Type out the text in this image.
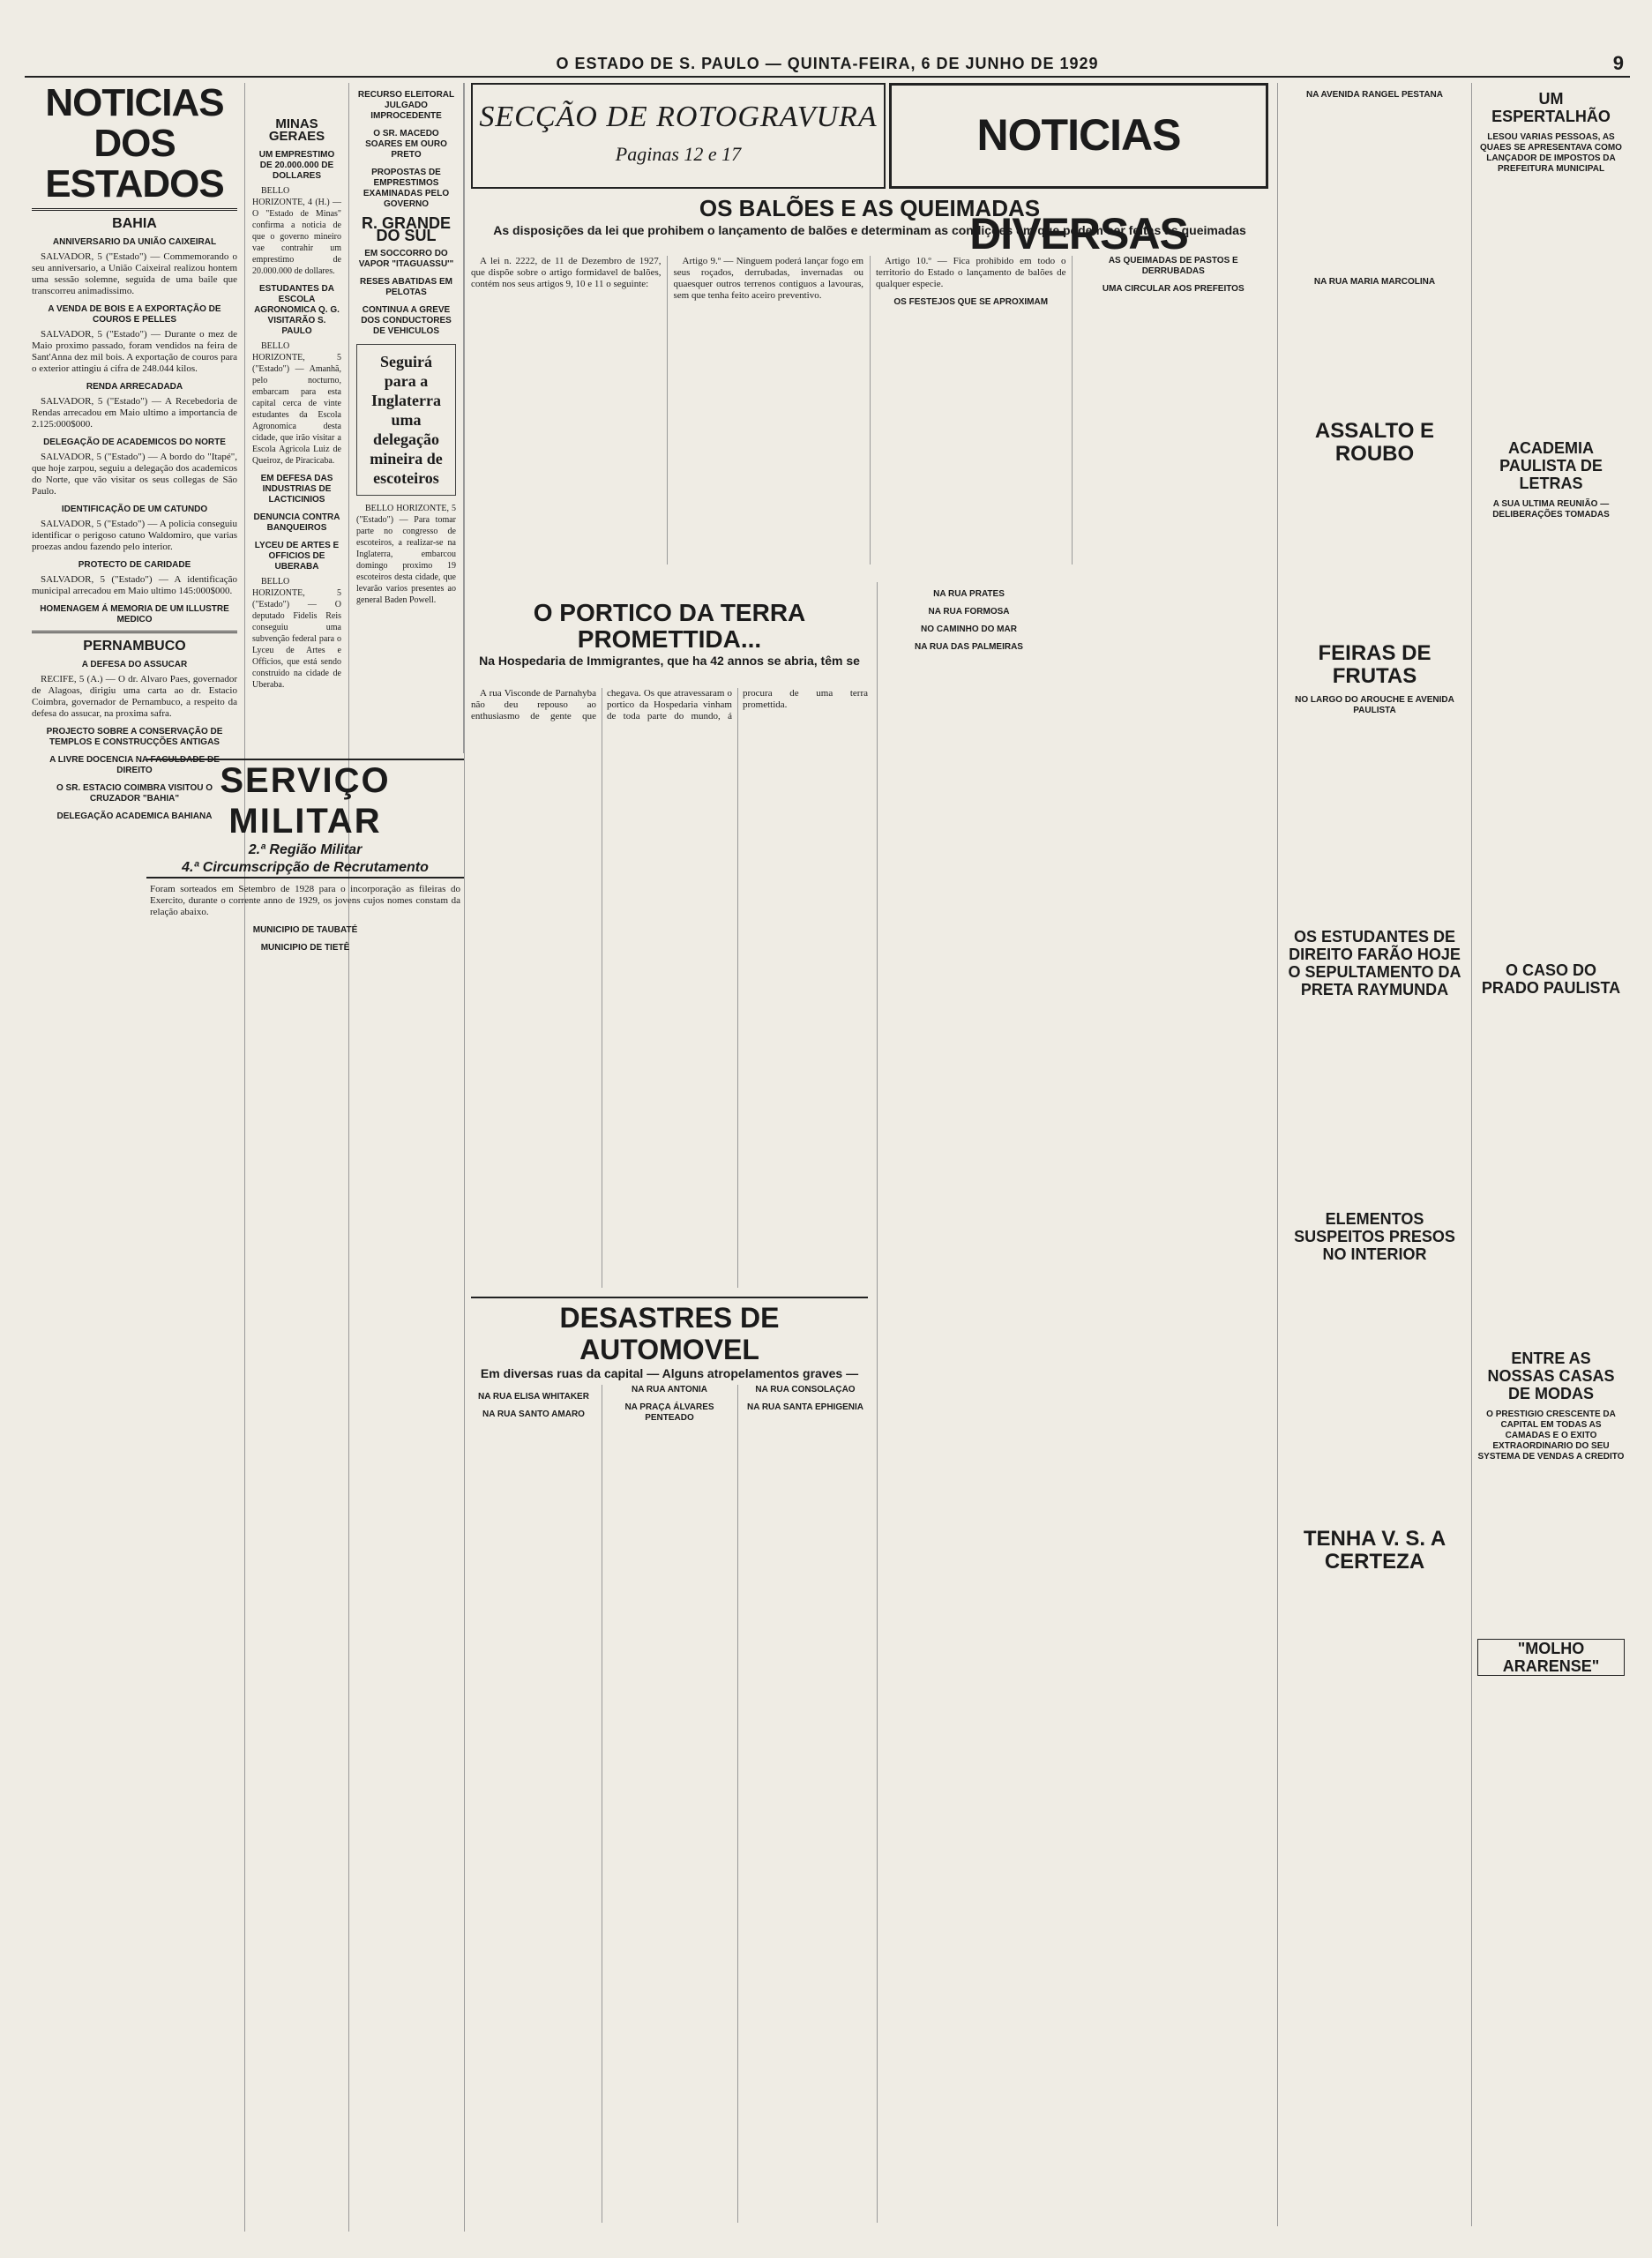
O ESTADO DE S. PAULO — QUINTA-FEIRA, 6 DE JUNHO DE 1929	9
NOTICIAS DOS ESTADOS
BAHIA
ANNIVERSARIO DA UNIÃO CAIXEIRAL

SALVADOR, 5 ("Estado") — Commemorando o seu anniversario, a União Caixeiral realizou hontem uma sessão solemne, seguida de uma baile que transcorreu animadissimo.

A VENDA DE BOIS E A EXPORTAÇÃO DE COUROS E PELLES

SALVADOR, 5 ("Estado") — Durante o mez de Maio proximo passado, foram vendidos na feira de Sant'Anna dez mil bois. A exportação de couros para o exterior attingiu á cifra de 248.044 kilos.

RENDA ARRECADADA

SALVADOR, 5 ("Estado") — A Recebedoria de Rendas arrecadou em Maio ultimo a importancia de 2.125:000$000.

DELEGAÇÃO DE ACADEMICOS DO NORTE

SALVADOR, 5 ("Estado") — A bordo do "Itapé", que hoje zarpou, seguiu a delegação dos academicos do Norte, que vão visitar os seus collegas de São Paulo.

IDENTIFICAÇÃO DE UM CATUNDO

SALVADOR, 5 ("Estado") — A policia conseguiu identificar o perigoso catuno Waldomiro, que varias proezas andou fazendo pelo interior.

PROTECTO DE CARIDADE

SALVADOR, 5 ("Estado") — A identificação municipal arrecadou em Maio ultimo 145:000$000.

HOMENAGEM Á MEMORIA DE UM ILLUSTRE MEDICO
PERNAMBUCO
A DEFESA DO ASSUCAR

RECIFE, 5 (A.) — O dr. Alvaro Paes, governador de Alagoas, dirigiu uma carta ao dr. Estacio Coimbra, governador de Pernambuco, a respeito da defesa do assucar, na proxima safra.

PROJECTO SOBRE A CONSERVAÇÃO DE TEMPLOS E CONSTRUCÇÕES ANTIGAS
A LIVRE DOCENCIA NA FACULDADE DE DIREITO
O SR. ESTACIO COIMBRA VISITOU O CRUZADOR "BAHIA"
DELEGAÇÃO ACADEMICA BAHIANA
MINAS GERAES
UM EMPRESTIMO DE 20.000.000 DE DOLLARES

BELLO HORIZONTE, 4 (H.) — O "Estado de Minas" confirma a noticia de que o governo mineiro vae contrahir um emprestimo de 20.000.000 de dollares.

ESTUDANTES DA ESCOLA AGRONOMICA Q. G. VISITARÃO S. PAULO

BELLO HORIZONTE, 5 ("Estado") — Amanhã, pelo nocturno, embarcam para esta capital cerca de vinte estudantes da Escola Agronomica desta cidade, que irão visitar a Escola Agricola Luiz de Queiroz, de Piracicaba.

EM DEFESA DAS INDUSTRIAS DE LACTICINIOS
DENUNCIA CONTRA BANQUEIROS
LYCEU DE ARTES E OFFICIOS DE UBERABA

BELLO HORIZONTE, 5 ("Estado") — O deputado Fidelis Reis conseguiu uma subvenção federal para o Lyceu de Artes e Officios, que está sendo construido na cidade de Uberaba.

RECURSO ELEITORAL JULGADO IMPROCEDENTE
O SR. MACEDO SOARES EM OURO PRETO
PROPOSTAS DE EMPRESTIMOS EXAMINADAS PELO GOVERNO
R. GRANDE DO SUL
EM SOCCORRO DO VAPOR "ITAGUASSU'"
RESES ABATIDAS EM PELOTAS
CONTINUA A GREVE DOS CONDUCTORES DE VEHICULOS
Seguirá para a Inglaterra uma delegação mineira de escoteiros

BELLO HORIZONTE, 5 ("Estado") — Para tomar parte no congresso de escoteiros, a realizar-se na Inglaterra, embarcou domingo proximo 19 escoteiros desta cidade, que levarão varios presentes ao general Baden Powell.

SERVIÇO MILITAR
2.ª Região Militar
4.ª Circumscripção de Recrutamento

Foram sorteados em Setembro de 1928 para o incorporação as fileiras do Exercito, durante o corrente anno de 1929, os jovens cujos nomes constam da relação abaixo.

MUNICIPIO DE TAUBATÉ
MUNICIPIO DE TIETÊ
SECÇÃO DE ROTOGRAVURA
Paginas 12 e 17	NOTICIAS DIVERSAS
OS BALÕES E AS QUEIMADAS
As disposições da lei que prohibem o lançamento de balões e determinam as condições em que podem ser feitas as queimadas

A lei n. 2222, de 11 de Dezembro de 1927, que dispõe sobre o artigo formidavel de balões, contém nos seus artigos 9, 10 e 11 o seguinte:

Artigo 9.º — Ninguem poderá lançar fogo em seus roçados, derrubadas, invernadas ou quaesquer outros terrenos contiguos a lavouras, sem que tenha feito aceiro preventivo.

Artigo 10.º — Fica prohibido em todo o territorio do Estado o lançamento de balões de qualquer especie.

OS FESTEJOS QUE SE APROXIMAM
AS QUEIMADAS DE PASTOS E DERRUBADAS
UMA CIRCULAR AOS PREFEITOS
O PORTICO DA TERRA PROMETTIDA...
Na Hospedaria de Immigrantes, que ha 42 annos se abria, têm se

A rua Visconde de Parnahyba não deu repouso ao enthusiasmo de gente que chegava. Os que atravessaram o portico da Hospedaria vinham de toda parte do mundo, á procura de uma terra promettida.

DESASTRES DE AUTOMOVEL
Em diversas ruas da capital — Alguns atropelamentos graves —
NA RUA ELISA WHITAKER
NA RUA SANTO AMARO
NA RUA ANTONIA
NA PRAÇA ÁLVARES PENTEADO
NA RUA CONSOLAÇÃO
NA RUA SANTA EPHIGENIA
NA RUA PRATES
NA RUA FORMOSA
NO CAMINHO DO MAR
NA RUA DAS PALMEIRAS
NA AVENIDA RANGEL PESTANA
NA RUA MARIA MARCOLINA
ASSALTO E ROUBO
FEIRAS DE FRUTAS
NO LARGO DO AROUCHE E AVENIDA PAULISTA
OS ESTUDANTES DE DIREITO FARÃO HOJE O SEPULTAMENTO DA PRETA RAYMUNDA
ELEMENTOS SUSPEITOS PRESOS NO INTERIOR
TENHA V. S. A CERTEZA
UM ESPERTALHÃO
LESOU VARIAS PESSOAS, AS QUAES SE APRESENTAVA COMO LANÇADOR DE IMPOSTOS DA PREFEITURA MUNICIPAL
ACADEMIA PAULISTA DE LETRAS
A SUA ULTIMA REUNIÃO — DELIBERAÇÕES TOMADAS
O CASO DO PRADO PAULISTA
ENTRE AS NOSSAS CASAS DE MODAS
O PRESTIGIO CRESCENTE DA CAPITAL EM TODAS AS CAMADAS E O EXITO EXTRAORDINARIO DO SEU SYSTEMA DE VENDAS A CREDITO
"MOLHO ARARENSE"
